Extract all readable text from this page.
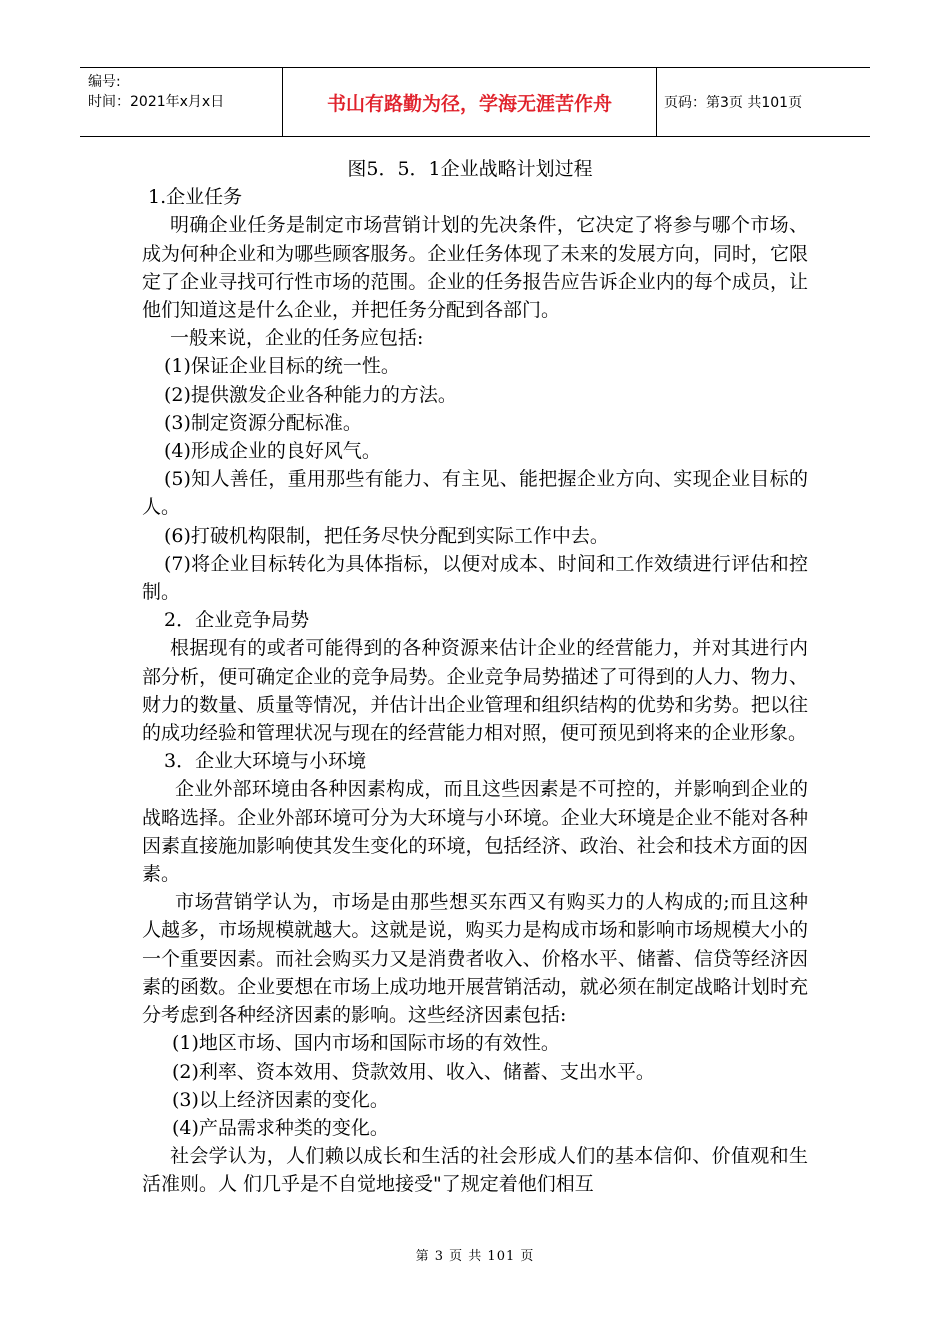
编号:
时间：2021年x月x日	书山有路勤为径，学海无涯苦作舟	页码：第3页 共101页

图5．5．1企业战略计划过程

1.企业任务

明确企业任务是制定市场营销计划的先决条件，它决定了将参与哪个市场、成为何种企业和为哪些顾客服务。企业任务体现了未来的发展方向，同时，它限定了企业寻找可行性市场的范围。企业的任务报告应告诉企业内的每个成员，让他们知道这是什么企业，并把任务分配到各部门。

一般来说，企业的任务应包括:

(1)保证企业目标的统一性。

(2)提供激发企业各种能力的方法。

(3)制定资源分配标准。

(4)形成企业的良好风气。

(5)知人善任，重用那些有能力、有主见、能把握企业方向、实现企业目标的人。

(6)打破机构限制，把任务尽快分配到实际工作中去。

(7)将企业目标转化为具体指标，以便对成本、时间和工作效绩进行评估和控制。

2．企业竞争局势

根据现有的或者可能得到的各种资源来估计企业的经营能力，并对其进行内部分析，便可确定企业的竞争局势。企业竞争局势描述了可得到的人力、物力、财力的数量、质量等情况，并估计出企业管理和组织结构的优势和劣势。把以往的成功经验和管理状况与现在的经营能力相对照，便可预见到将来的企业形象。

3．企业大环境与小环境

企业外部环境由各种因素构成，而且这些因素是不可控的，并影响到企业的战略选择。企业外部环境可分为大环境与小环境。企业大环境是企业不能对各种因素直接施加影响使其发生变化的环境，包括经济、政治、社会和技术方面的因素。

市场营销学认为，市场是由那些想买东西又有购买力的人构成的;而且这种人越多，市场规模就越大。这就是说，购买力是构成市场和影响市场规模大小的一个重要因素。而社会购买力又是消费者收入、价格水平、储蓄、信贷等经济因素的函数。企业要想在市场上成功地开展营销活动，就必须在制定战略计划时充分考虑到各种经济因素的影响。这些经济因素包括:

(1)地区市场、国内市场和国际市场的有效性。

(2)利率、资本效用、贷款效用、收入、储蓄、支出水平。

(3)以上经济因素的变化。

(4)产品需求种类的变化。

社会学认为，人们赖以成长和生活的社会形成人们的基本信仰、价值观和生活准则。人 们几乎是不自觉地接受"了规定着他们相互

第 3 页 共 101 页
